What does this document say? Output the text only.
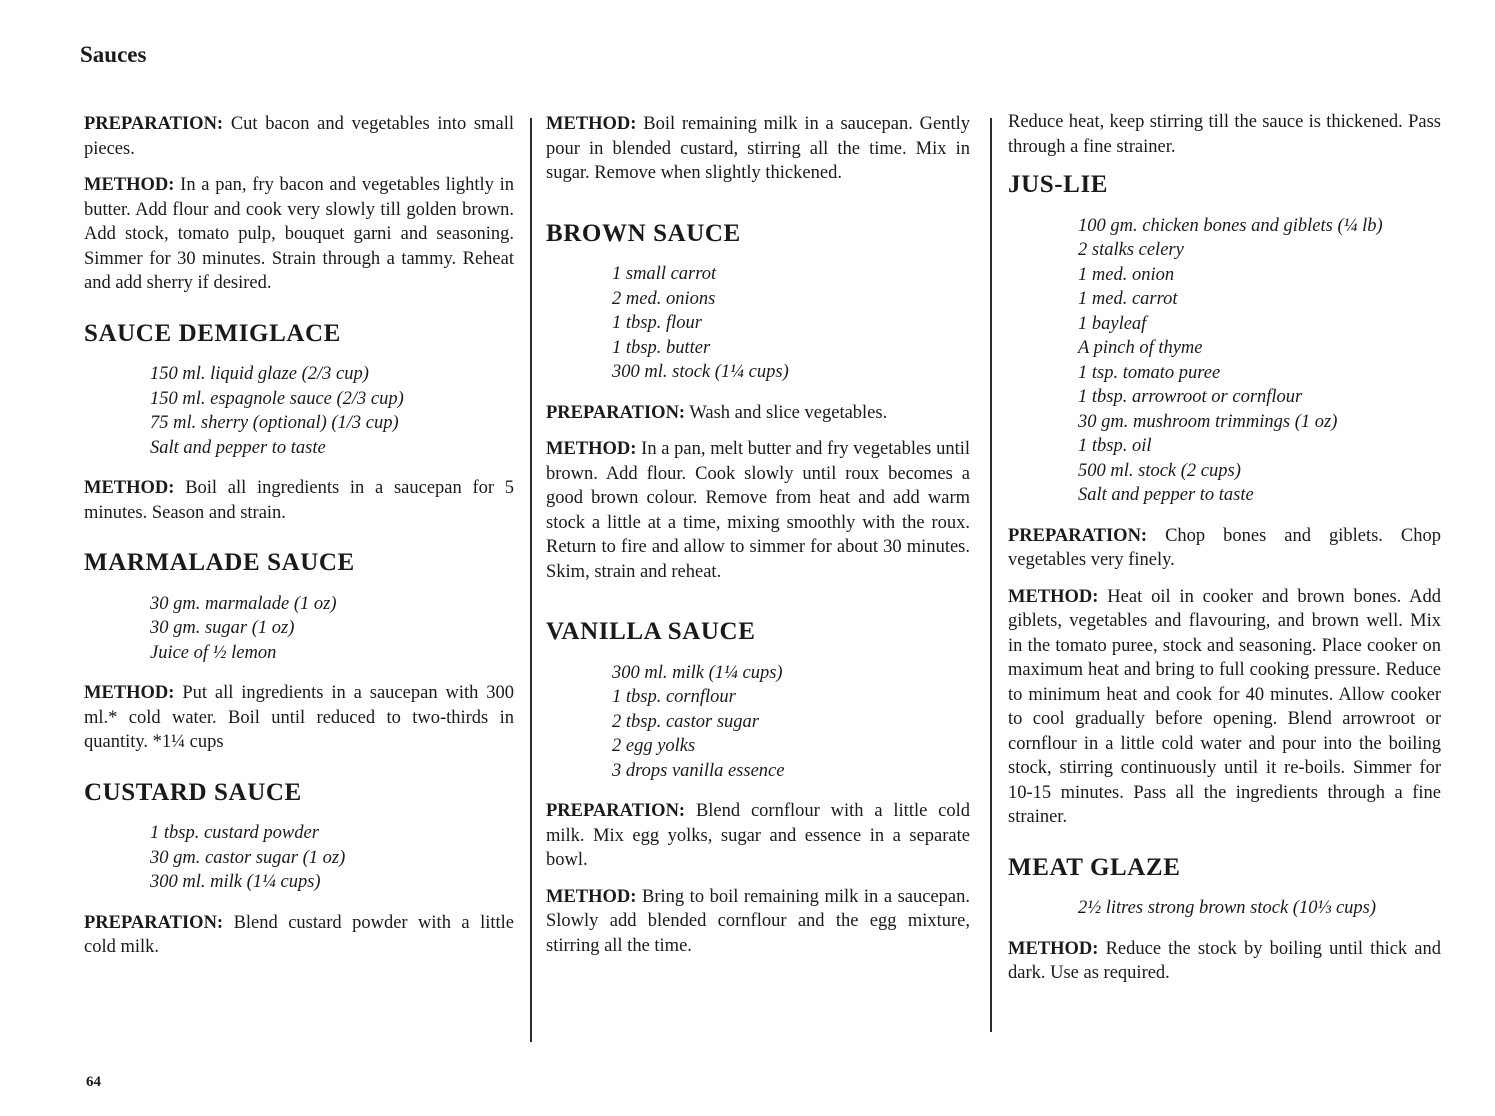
Sauces

PREPARATION: Cut bacon and vegetables into small pieces.

METHOD: In a pan, fry bacon and vegetables lightly in butter. Add flour and cook very slowly till golden brown. Add stock, tomato pulp, bouquet garni and seasoning. Simmer for 30 minutes. Strain through a tammy. Reheat and add sherry if desired.

SAUCE DEMIGLACE
150 ml. liquid glaze (2/3 cup)
150 ml. espagnole sauce (2/3 cup)
75 ml. sherry (optional) (1/3 cup)
Salt and pepper to taste

METHOD: Boil all ingredients in a saucepan for 5 minutes. Season and strain.

MARMALADE SAUCE
30 gm. marmalade (1 oz)
30 gm. sugar (1 oz)
Juice of ½ lemon

METHOD: Put all ingredients in a saucepan with 300 ml.* cold water. Boil until reduced to two-thirds in quantity. *1¼ cups

CUSTARD SAUCE
1 tbsp. custard powder
30 gm. castor sugar (1 oz)
300 ml. milk (1¼ cups)

PREPARATION: Blend custard powder with a little cold milk.

METHOD: Boil remaining milk in a saucepan. Gently pour in blended custard, stirring all the time. Mix in sugar. Remove when slightly thickened.

BROWN SAUCE
1 small carrot
2 med. onions
1 tbsp. flour
1 tbsp. butter
300 ml. stock (1¼ cups)

PREPARATION: Wash and slice vegetables.

METHOD: In a pan, melt butter and fry vegetables until brown. Add flour. Cook slowly until roux becomes a good brown colour. Remove from heat and add warm stock a little at a time, mixing smoothly with the roux. Return to fire and allow to simmer for about 30 minutes. Skim, strain and reheat.

VANILLA SAUCE
300 ml. milk (1¼ cups)
1 tbsp. cornflour
2 tbsp. castor sugar
2 egg yolks
3 drops vanilla essence

PREPARATION: Blend cornflour with a little cold milk. Mix egg yolks, sugar and essence in a separate bowl.

METHOD: Bring to boil remaining milk in a saucepan. Slowly add blended cornflour and the egg mixture, stirring all the time.

Reduce heat, keep stirring till the sauce is thickened. Pass through a fine strainer.

JUS-LIE
100 gm. chicken bones and giblets (¼ lb)
2 stalks celery
1 med. onion
1 med. carrot
1 bayleaf
A pinch of thyme
1 tsp. tomato puree
1 tbsp. arrowroot or cornflour
30 gm. mushroom trimmings (1 oz)
1 tbsp. oil
500 ml. stock (2 cups)
Salt and pepper to taste

PREPARATION: Chop bones and giblets. Chop vegetables very finely.

METHOD: Heat oil in cooker and brown bones. Add giblets, vegetables and flavouring, and brown well. Mix in the tomato puree, stock and seasoning. Place cooker on maximum heat and bring to full cooking pressure. Reduce to minimum heat and cook for 40 minutes. Allow cooker to cool gradually before opening. Blend arrowroot or cornflour in a little cold water and pour into the boiling stock, stirring continuously until it re-boils. Simmer for 10-15 minutes. Pass all the ingredients through a fine strainer.

MEAT GLAZE
2½ litres strong brown stock (10⅓ cups)

METHOD: Reduce the stock by boiling until thick and dark. Use as required.

64
